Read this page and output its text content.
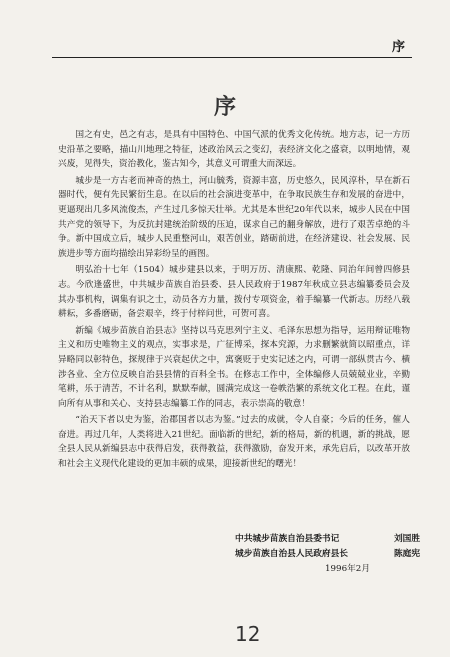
序
序

国之有史，邑之有志，是具有中国特色、中国气派的优秀文化传统。地方志，记一方历史沿革之要略，描山川地理之特征，述政治风云之变幻，表经济文化之盛衰，以明地情，观兴废，见得失，资治教化，鉴古知今，其意义可谓重大而深远。

城步是一方古老而神奇的热土，河山毓秀，资源丰富，历史悠久，民风淳朴，早在新石器时代，便有先民繁衍生息。在以后的社会演进变革中，在争取民族生存和发展的奋进中，更逼现出几多风流俊杰，产生过几多惊天壮举。尤其是本世纪20年代以来，城步人民在中国共产党的领导下，为反抗封建统治阶级的压迫，谋求自己的翻身解放，进行了艰苦卓绝的斗争。新中国成立后，城步人民重整河山，艰苦创业，踏砺前进，在经济建设、社会发展、民族进步等方面均描绘出异彩纷呈的画图。

明弘治十七年（1504）城步建县以来，于明万历、清康熙、乾隆、同治年间曾四修县志。今欣逢盛世，中共城步苗族自治县委、县人民政府于1987年秋成立县志编纂委员会及其办事机构，调集有识之士，动员各方力量，拨付专项资金，着手编纂一代新志。历经八载耕耘，多番磨砺，备尝艰辛，终于付梓问世，可贺可喜。

新编《城步苗族自治县志》坚持以马克思列宁主义、毛泽东思想为指导，运用辩证唯物主义和历史唯物主义的观点，实事求是，广征博采，探本究源，力求删繁就简以昭重点，详异略同以彰特色，探规律于兴衰起伏之中，寓褒贬于史实记述之内，可谓一部纵贯古今、横涉各业、全方位反映自治县县情的百科全书。在修志工作中，全体编修人员兢兢业业，辛勤笔耕，乐于清苦，不计名利，默默奉献，圆满完成这一卷帙浩繁的系统文化工程。在此，谨向所有从事和关心、支持县志编纂工作的同志，表示崇高的敬意！

“治天下者以史为鉴，治郡国者以志为鉴。”过去的成就，令人自豪；今后的任务，催人奋进。再过几年，人类将进入21世纪。面临新的世纪，新的格局，新的机遇，新的挑战，愿全县人民从新编县志中获得启发，获得教益，获得激励，奋发开来，承先启后，以改革开放和社会主义现代化建设的更加丰硕的成果，迎接新世纪的曙光！

中共城步苗族自治县委书记	刘国胜
城步苗族自治县人民政府县长	陈庭宪
1996年2月
12
